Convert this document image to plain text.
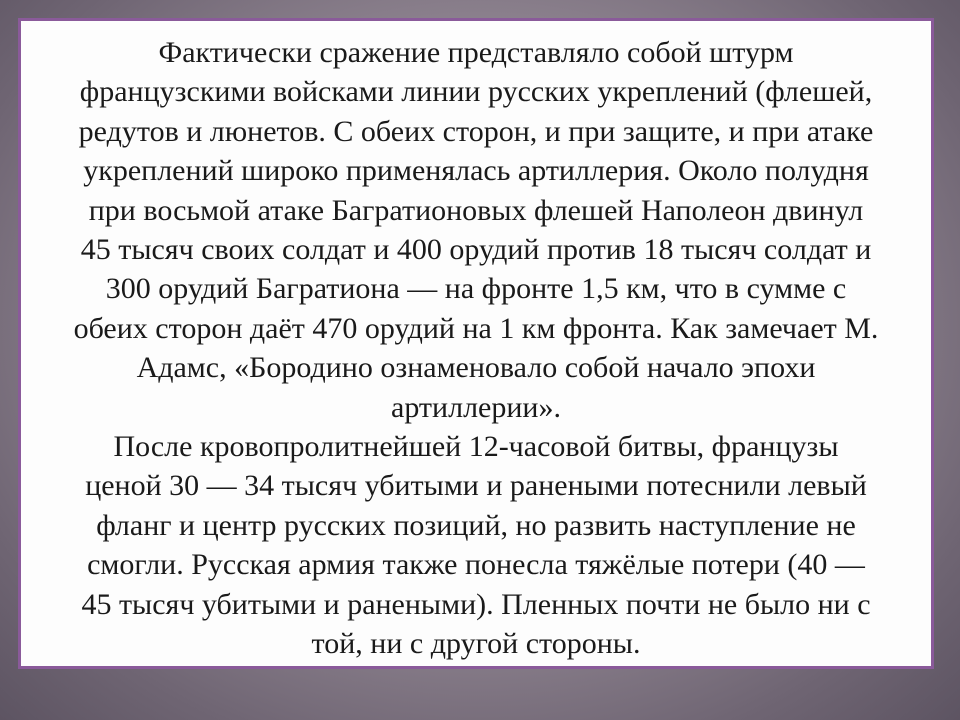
Фактически сражение представляло собой штурм
французскими войсками линии русских укреплений (флешей,
редутов и люнетов. С обеих сторон, и при защите, и при атаке
укреплений широко применялась артиллерия. Около полудня
при восьмой атаке Багратионовых флешей Наполеон двинул
45 тысяч своих солдат и 400 орудий против 18 тысяч солдат и
300 орудий Багратиона — на фронте 1,5 км, что в сумме с
обеих сторон даёт 470 орудий на 1 км фронта. Как замечает М.
Адамс, «Бородино ознаменовало собой начало эпохи
артиллерии».
После кровопролитнейшей 12-часовой битвы, французы
ценой 30 — 34 тысяч убитыми и ранеными потеснили левый
фланг и центр русских позиций, но развить наступление не
смогли. Русская армия также понесла тяжёлые потери (40 —
45 тысяч убитыми и ранеными). Пленных почти не было ни с
той, ни с другой стороны.
